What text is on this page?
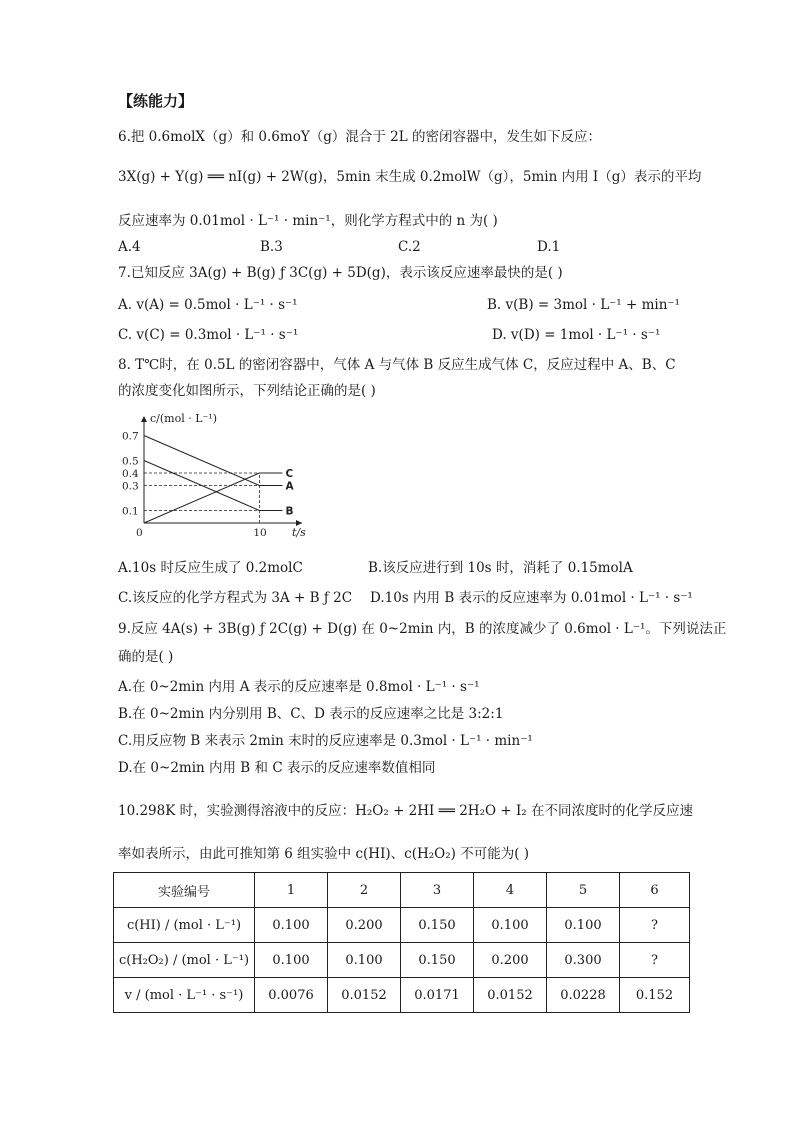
【练能力】
6.把 0.6molX（g）和 0.6moY（g）混合于 2L 的密闭容器中，发生如下反应：
3X(g) + Y(g) ══ nI(g) + 2W(g)，5min 末生成 0.2molW（g），5min 内用 I（g）表示的平均
反应速率为 0.01mol · L⁻¹ · min⁻¹，则化学方程式中的 n 为( )
A.4	B.3	C.2	D.1
7.已知反应 3A(g) + B(g) ƒ 3C(g) + 5D(g)，表示该反应速率最快的是( )
A. v(A) = 0.5mol · L⁻¹ · s⁻¹	B. v(B) = 3mol · L⁻¹ + min⁻¹
C. v(C) = 0.3mol · L⁻¹ · s⁻¹	D. v(D) = 1mol · L⁻¹ · s⁻¹
8. T℃时，在 0.5L 的密闭容器中，气体 A 与气体 B 反应生成气体 C，反应过程中 A、B、C
的浓度变化如图所示，下列结论正确的是( )
c/(mol · L⁻¹)
t/s
0.7
0.5
0.4
0.3
0.1
0	10
C
A
B
A.10s 时反应生成了 0.2molC	B.该反应进行到 10s 时，消耗了 0.15molA
C.该反应的化学方程式为 3A + B ƒ 2C D.10s 内用 B 表示的反应速率为 0.01mol · L⁻¹ · s⁻¹
9.反应 4A(s) + 3B(g) ƒ 2C(g) + D(g) 在 0~2min 内，B 的浓度减少了 0.6mol · L⁻¹。下列说法正
确的是( )
A.在 0~2min 内用 A 表示的反应速率是 0.8mol · L⁻¹ · s⁻¹
B.在 0~2min 内分别用 B、C、D 表示的反应速率之比是 3:2:1
C.用反应物 B 来表示 2min 末时的反应速率是 0.3mol · L⁻¹ · min⁻¹
D.在 0~2min 内用 B 和 C 表示的反应速率数值相同
10.298K 时，实验测得溶液中的反应：H₂O₂ + 2HI ══ 2H₂O + I₂ 在不同浓度时的化学反应速
率如表所示，由此可推知第 6 组实验中 c(HI)、c(H₂O₂) 不可能为( )
实验编号	1	2	3	4	5	6
c(HI) / (mol · L⁻¹)	0.100	0.200	0.150	0.100	0.100	?
c(H₂O₂) / (mol · L⁻¹)	0.100	0.100	0.150	0.200	0.300	?
v / (mol · L⁻¹ · s⁻¹)	0.0076	0.0152	0.0171	0.0152	0.0228	0.152
